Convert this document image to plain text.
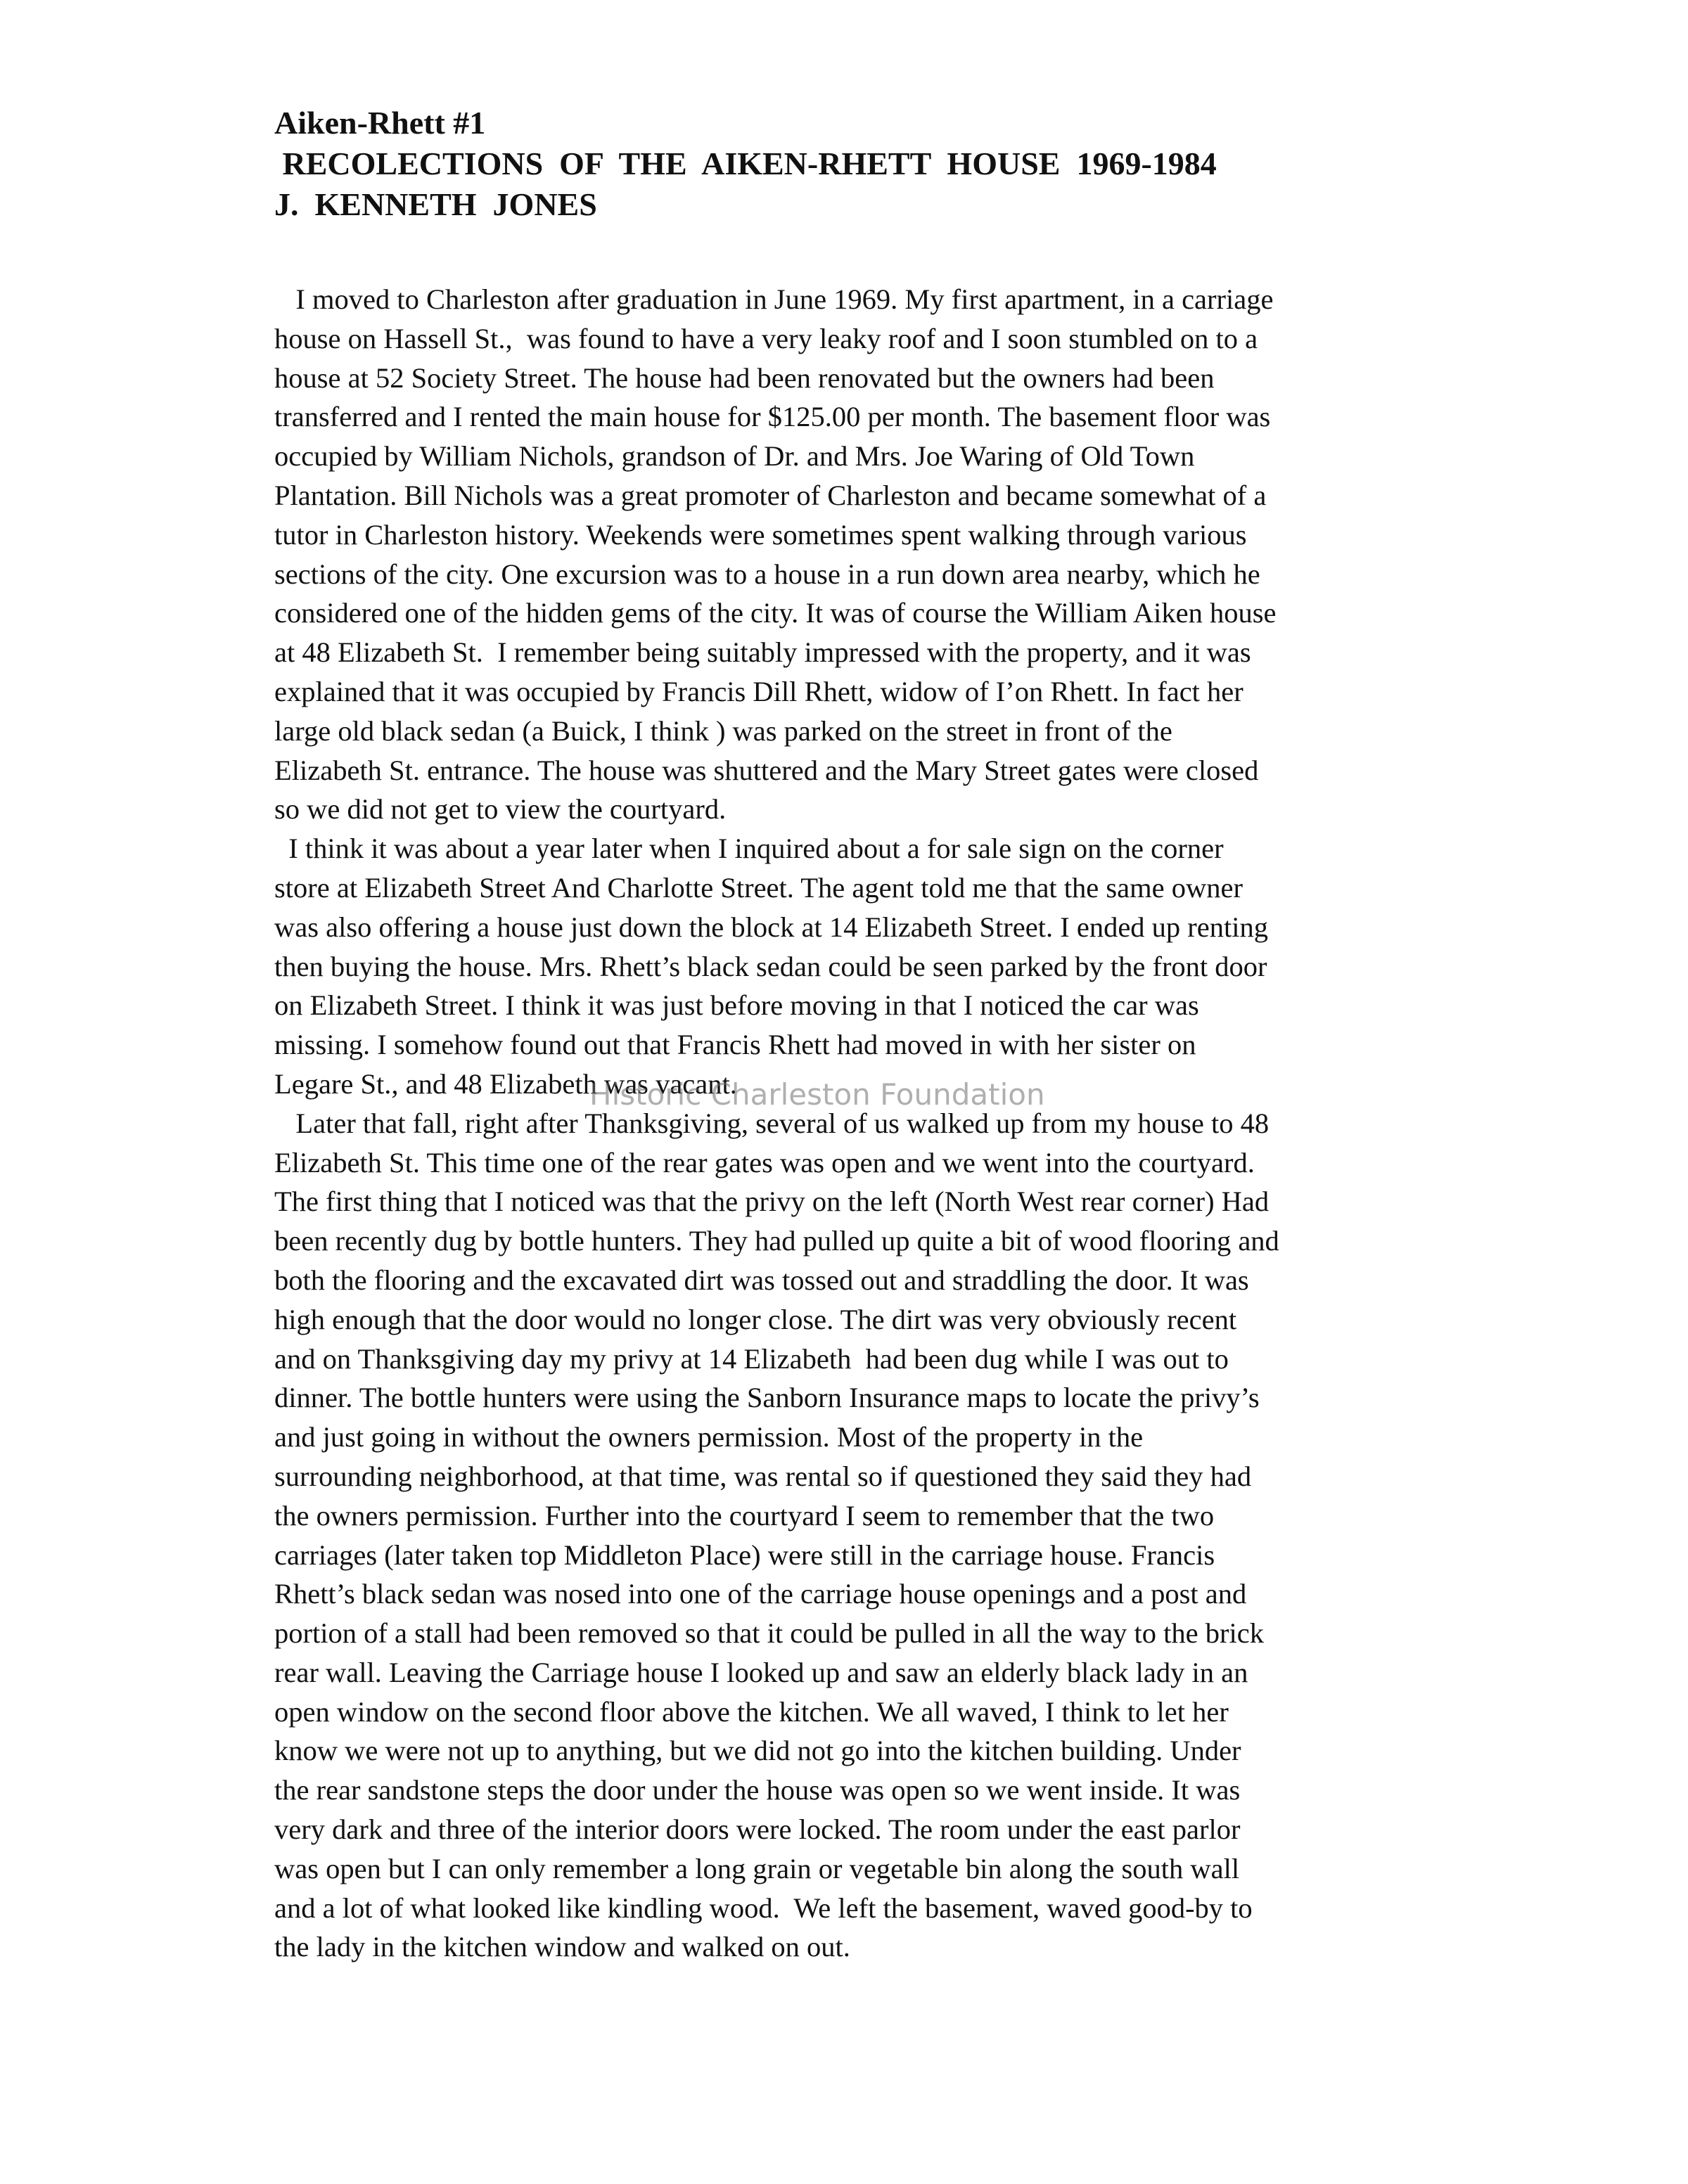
Aiken-Rhett #1

RECOLECTIONS  OF  THE  AIKEN-RHETT  HOUSE  1969-1984

J.  KENNETH  JONES

I moved to Charleston after graduation in June 1969. My first apartment, in a carriage
house on Hassell St.,  was found to have a very leaky roof and I soon stumbled on to a
house at 52 Society Street. The house had been renovated but the owners had been
transferred and I rented the main house for $125.00 per month. The basement floor was
occupied by William Nichols, grandson of Dr. and Mrs. Joe Waring of Old Town
Plantation. Bill Nichols was a great promoter of Charleston and became somewhat of a
tutor in Charleston history. Weekends were sometimes spent walking through various
sections of the city. One excursion was to a house in a run down area nearby, which he
considered one of the hidden gems of the city. It was of course the William Aiken house
at 48 Elizabeth St.  I remember being suitably impressed with the property, and it was
explained that it was occupied by Francis Dill Rhett, widow of I’on Rhett. In fact her
large old black sedan (a Buick, I think ) was parked on the street in front of the
Elizabeth St. entrance. The house was shuttered and the Mary Street gates were closed
so we did not get to view the courtyard.
I think it was about a year later when I inquired about a for sale sign on the corner
store at Elizabeth Street And Charlotte Street. The agent told me that the same owner
was also offering a house just down the block at 14 Elizabeth Street. I ended up renting
then buying the house. Mrs. Rhett’s black sedan could be seen parked by the front door
on Elizabeth Street. I think it was just before moving in that I noticed the car was
missing. I somehow found out that Francis Rhett had moved in with her sister on
Legare St., and 48 Elizabeth was vacant.
Later that fall, right after Thanksgiving, several of us walked up from my house to 48
Elizabeth St. This time one of the rear gates was open and we went into the courtyard.
The first thing that I noticed was that the privy on the left (North West rear corner) Had
been recently dug by bottle hunters. They had pulled up quite a bit of wood flooring and
both the flooring and the excavated dirt was tossed out and straddling the door. It was
high enough that the door would no longer close. The dirt was very obviously recent
and on Thanksgiving day my privy at 14 Elizabeth  had been dug while I was out to
dinner. The bottle hunters were using the Sanborn Insurance maps to locate the privy’s
and just going in without the owners permission. Most of the property in the
surrounding neighborhood, at that time, was rental so if questioned they said they had
the owners permission. Further into the courtyard I seem to remember that the two
carriages (later taken top Middleton Place) were still in the carriage house. Francis
Rhett’s black sedan was nosed into one of the carriage house openings and a post and
portion of a stall had been removed so that it could be pulled in all the way to the brick
rear wall. Leaving the Carriage house I looked up and saw an elderly black lady in an
open window on the second floor above the kitchen. We all waved, I think to let her
know we were not up to anything, but we did not go into the kitchen building. Under
the rear sandstone steps the door under the house was open so we went inside. It was
very dark and three of the interior doors were locked. The room under the east parlor
was open but I can only remember a long grain or vegetable bin along the south wall
and a lot of what looked like kindling wood.  We left the basement, waved good-by to
the lady in the kitchen window and walked on out.
Historic Charleston Foundation
